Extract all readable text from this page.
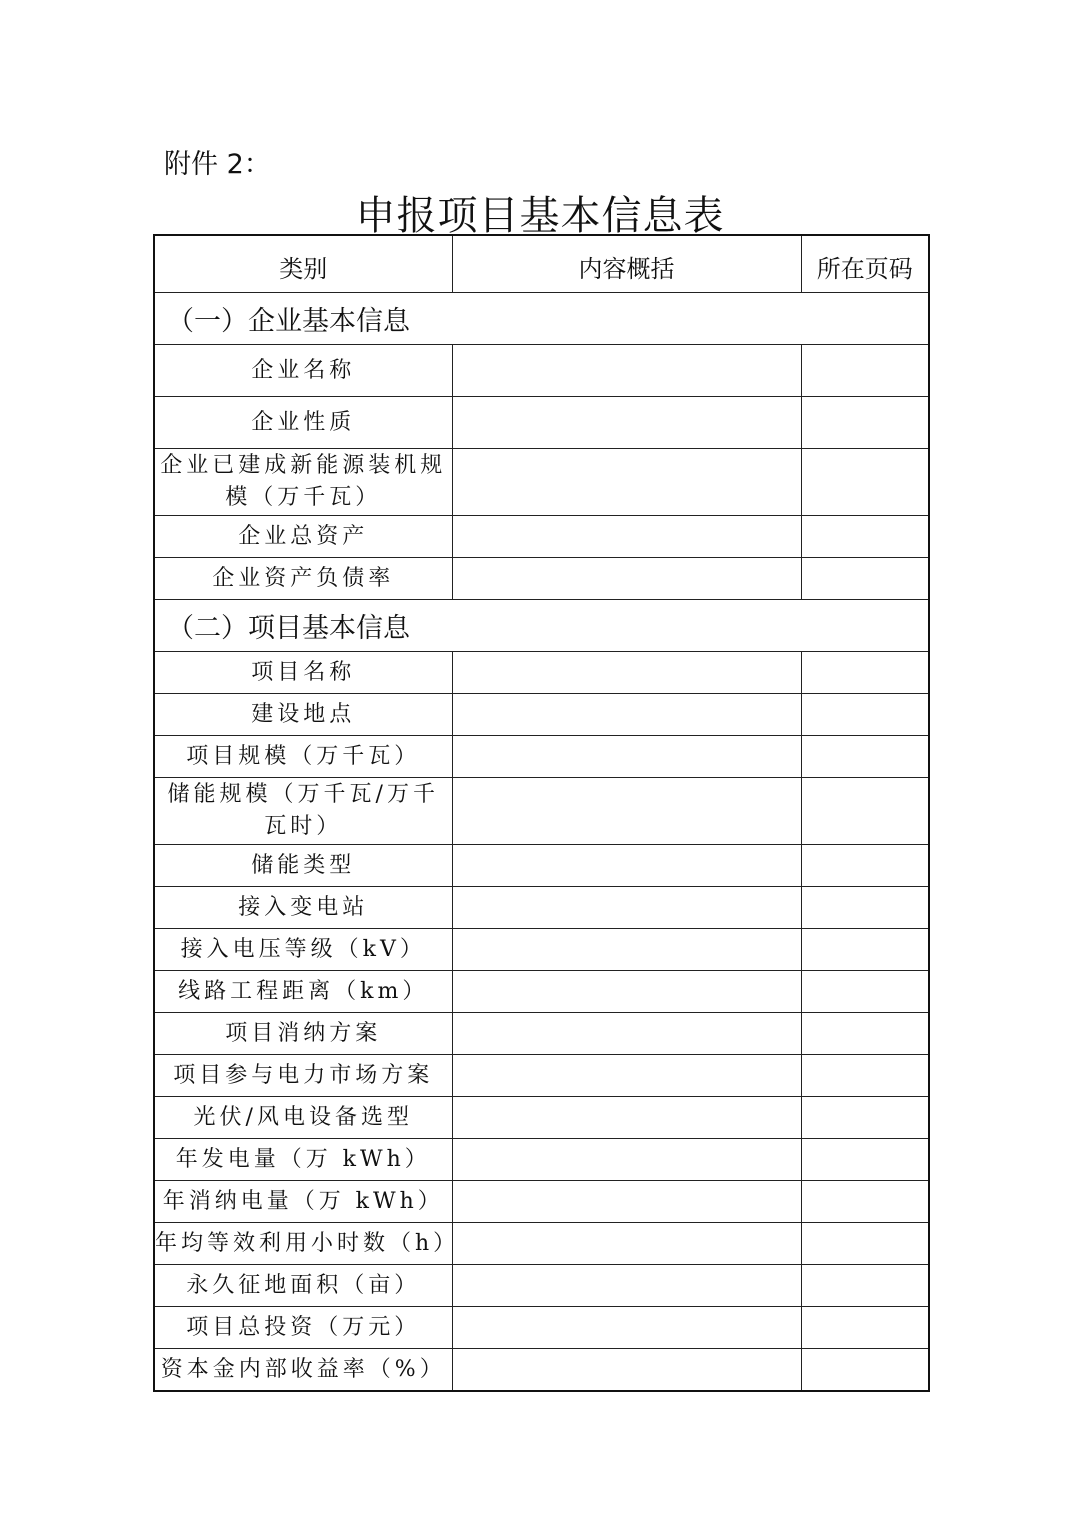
附件 2：
申报项目基本信息表
类别	内容概括	所在页码
（一）企业基本信息		
企业名称		
企业性质		
企业已建成新能源装机规模（万千瓦）		
企业总资产		
企业资产负债率		
（二）项目基本信息		
项目名称		
建设地点		
项目规模（万千瓦）		
储能规模（万千瓦/万千瓦时）		
储能类型		
接入变电站		
接入电压等级（kV）		
线路工程距离（km）		
项目消纳方案		
项目参与电力市场方案		
光伏/风电设备选型		
年发电量（万 kWh）		
年消纳电量（万 kWh）		
年均等效利用小时数（h）		
永久征地面积（亩）		
项目总投资（万元）		
资本金内部收益率（%）		
